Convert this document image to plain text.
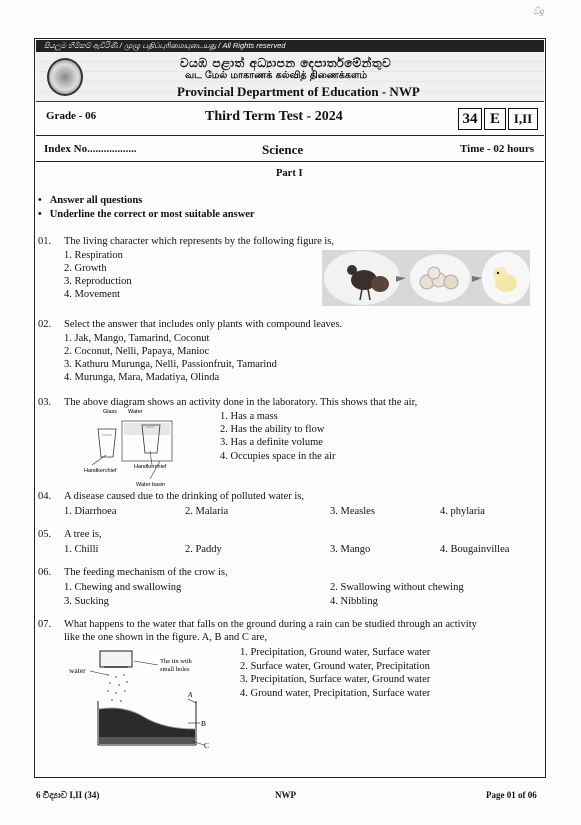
ඩිg
සියලුම හිමිකම් ඇවිරිණි / முழு பதிப்புரிமையுடையது / All Rights reserved
වයඹ පළාත් අධ්‍යාපන දෙපාර්තමේන්තුව
வட மேல் மாகாணக் கல்வித் திணைக்களம்
Provincial Department of Education - NWP
Grade - 06	Third Term Test - 2024	34 E	I,II
Index No..................	Science	Time - 02 hours
Part I
• Answer all questions
• Underline the correct or most suitable answer
01. The living character which represents by the following figure is,
1. Respiration
2. Growth
3. Reproduction
4. Movement
02. Select the answer that includes only plants with compound leaves.
1. Jak, Mango, Tamarind, Coconut
2. Coconut, Nelli, Papaya, Manioc
3. Kathuru Murunga, Nelli, Passionfruit, Tamarind
4. Murunga, Mara, Madatiya, Olinda
03. The above diagram shows an activity done in the laboratory. This shows that the air,
1. Has a mass
2. Has the ability to flow
3. Has a definite volume
4. Occupies space in the air
Glass Water
Handkerchief
Handkerchief
Water basin
04. A disease caused due to the drinking of polluted water is,
1. Diarrhoea	2. Malaria	3. Measles	4. phylaria
05. A tree is,
1. Chilli	2. Paddy	3. Mango	4. Bougainvillea
06. The feeding mechanism of the crow is,
1. Chewing and swallowing	2. Swallowing without chewing
3. Sucking	4. Nibbling
07. What happens to the water that falls on the ground during a rain can be studied through an activity
like the one shown in the figure. A, B and C are,
1. Precipitation, Ground water, Surface water
2. Surface water, Ground water, Precipitation
3. Precipitation, Surface water, Ground water
4. Ground water, Precipitation, Surface water
water
The tin with
small holes
A
B
C
6 විද්‍යාව I,II (34)	NWP	Page 01 of 06
